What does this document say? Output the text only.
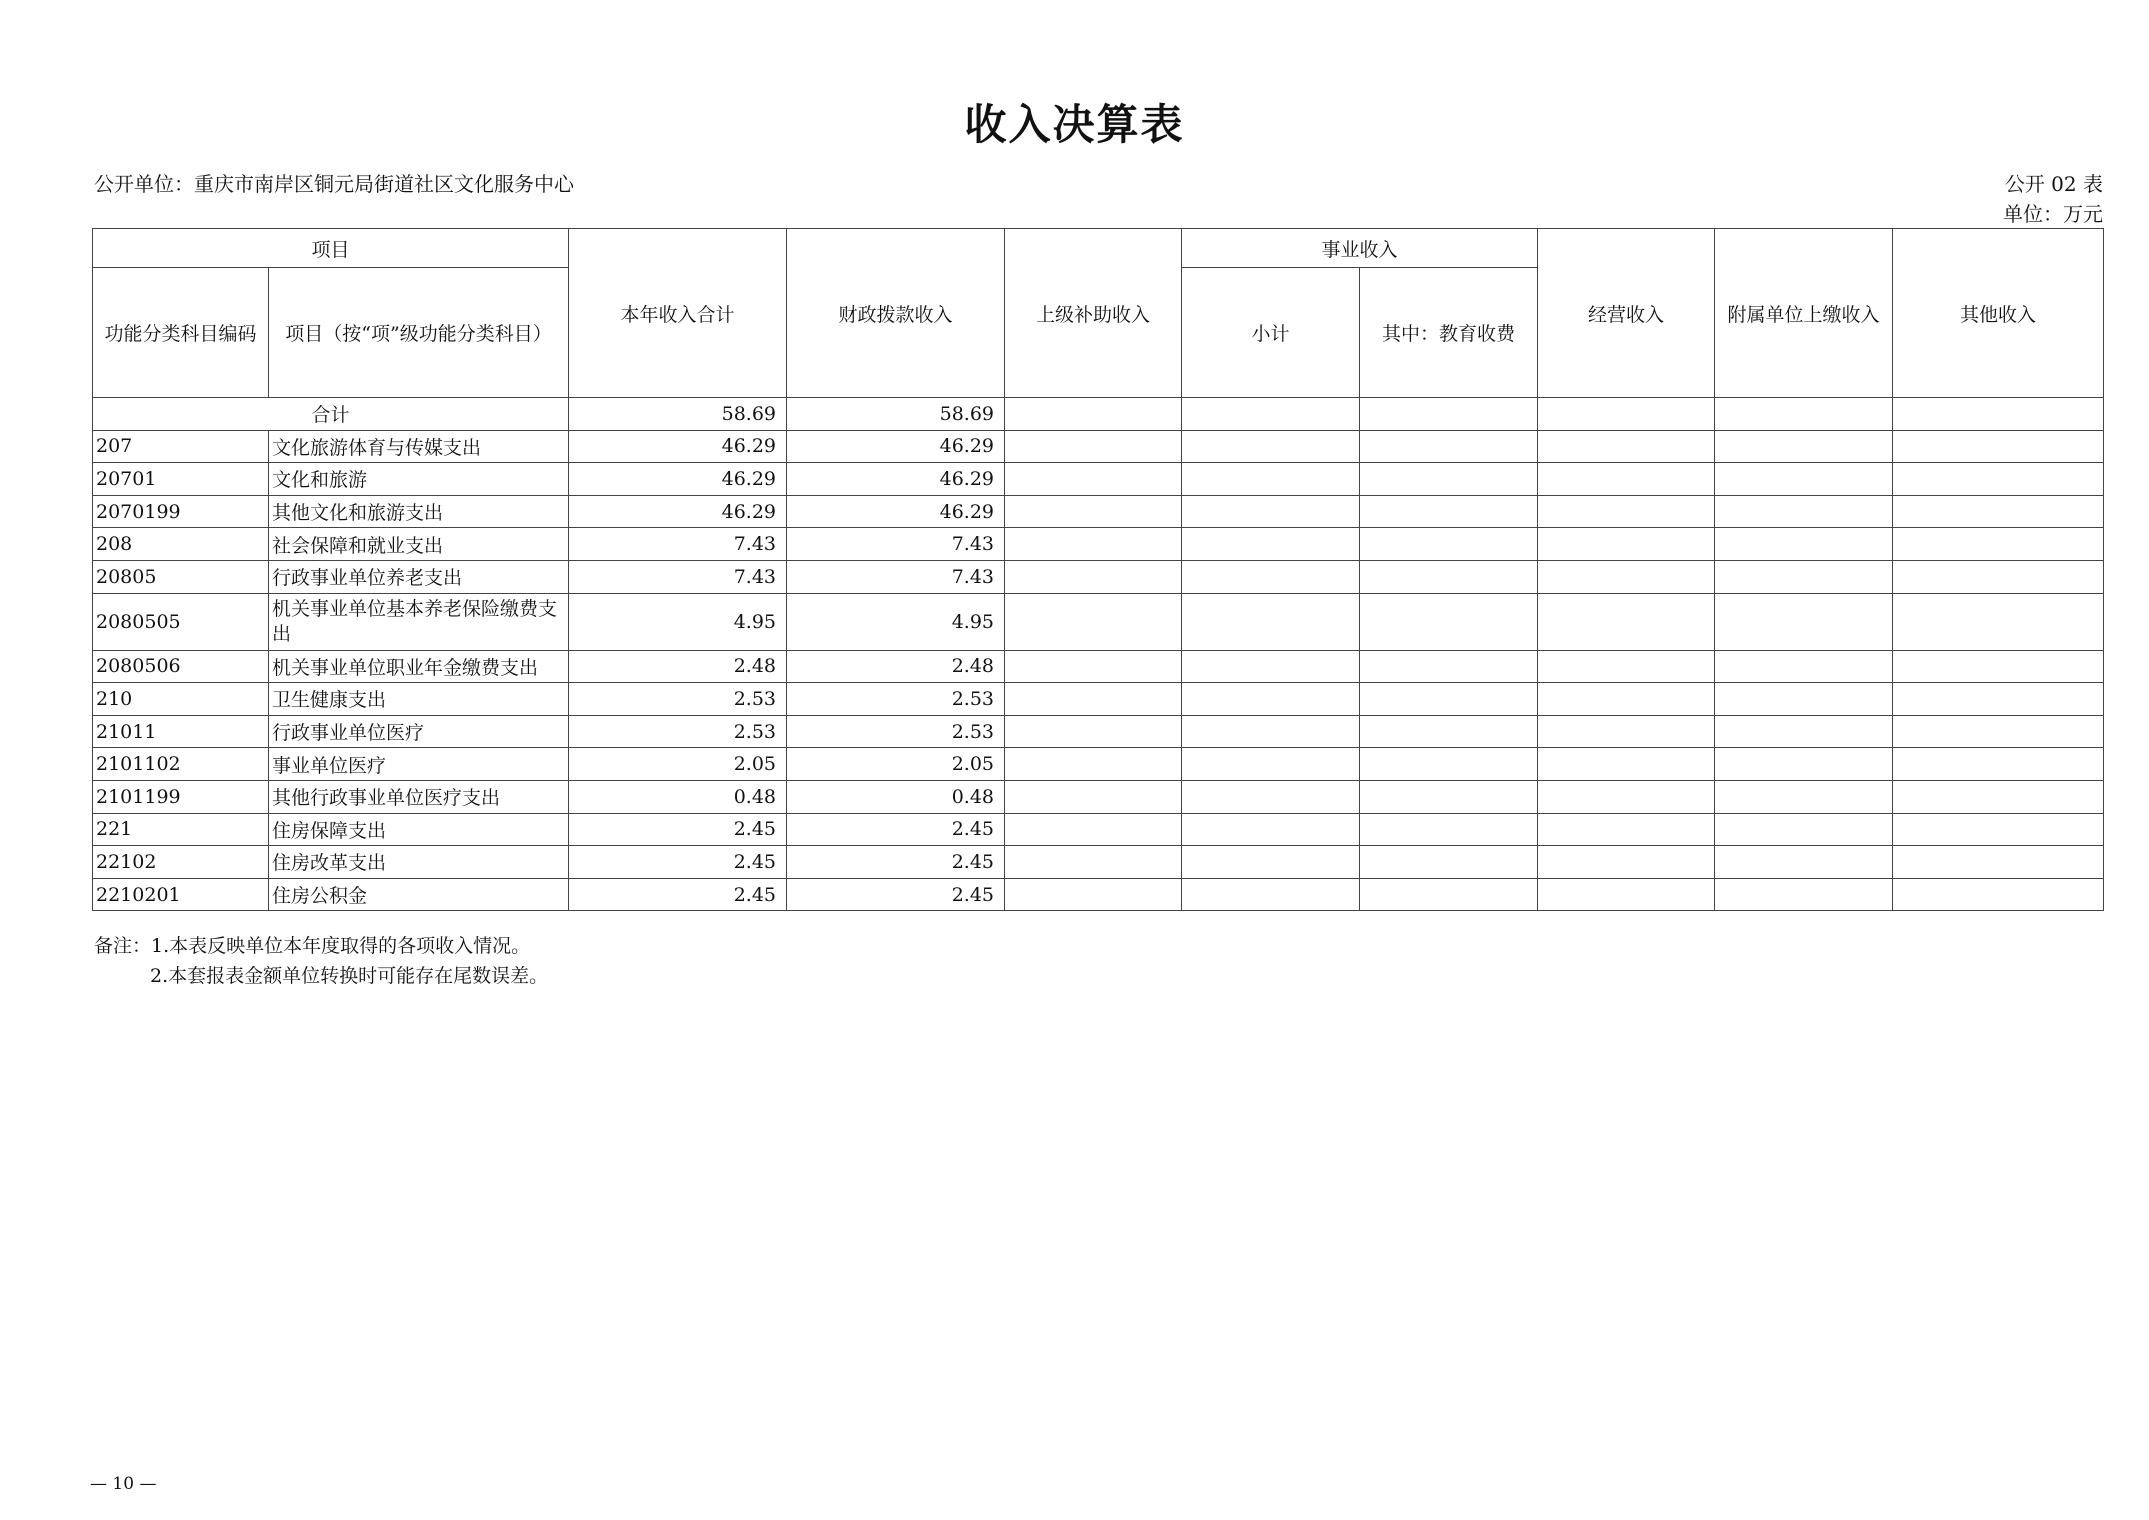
收入决算表
公开单位：重庆市南岸区铜元局街道社区文化服务中心	公开 02 表
单位：万元
项目		本年收入合计	财政拨款收入	上级补助收入	事业收入		经营收入	附属单位上缴收入	其他收入
功能分类科目编码	项目（按“项”级功能分类科目）				小计	其中：教育收费			
合计		58.69	58.69						
207	文化旅游体育与传媒支出	46.29	46.29						
20701	文化和旅游	46.29	46.29						
2070199	其他文化和旅游支出	46.29	46.29						
208	社会保障和就业支出	7.43	7.43						
20805	行政事业单位养老支出	7.43	7.43						
2080505	机关事业单位基本养老保险缴费支出	4.95	4.95						
2080506	机关事业单位职业年金缴费支出	2.48	2.48						
210	卫生健康支出	2.53	2.53						
21011	行政事业单位医疗	2.53	2.53						
2101102	事业单位医疗	2.05	2.05						
2101199	其他行政事业单位医疗支出	0.48	0.48						
221	住房保障支出	2.45	2.45						
22102	住房改革支出	2.45	2.45						
2210201	住房公积金	2.45	2.45						
备注：1.本表反映单位本年度取得的各项收入情况。
2.本套报表金额单位转换时可能存在尾数误差。
— 10 —
